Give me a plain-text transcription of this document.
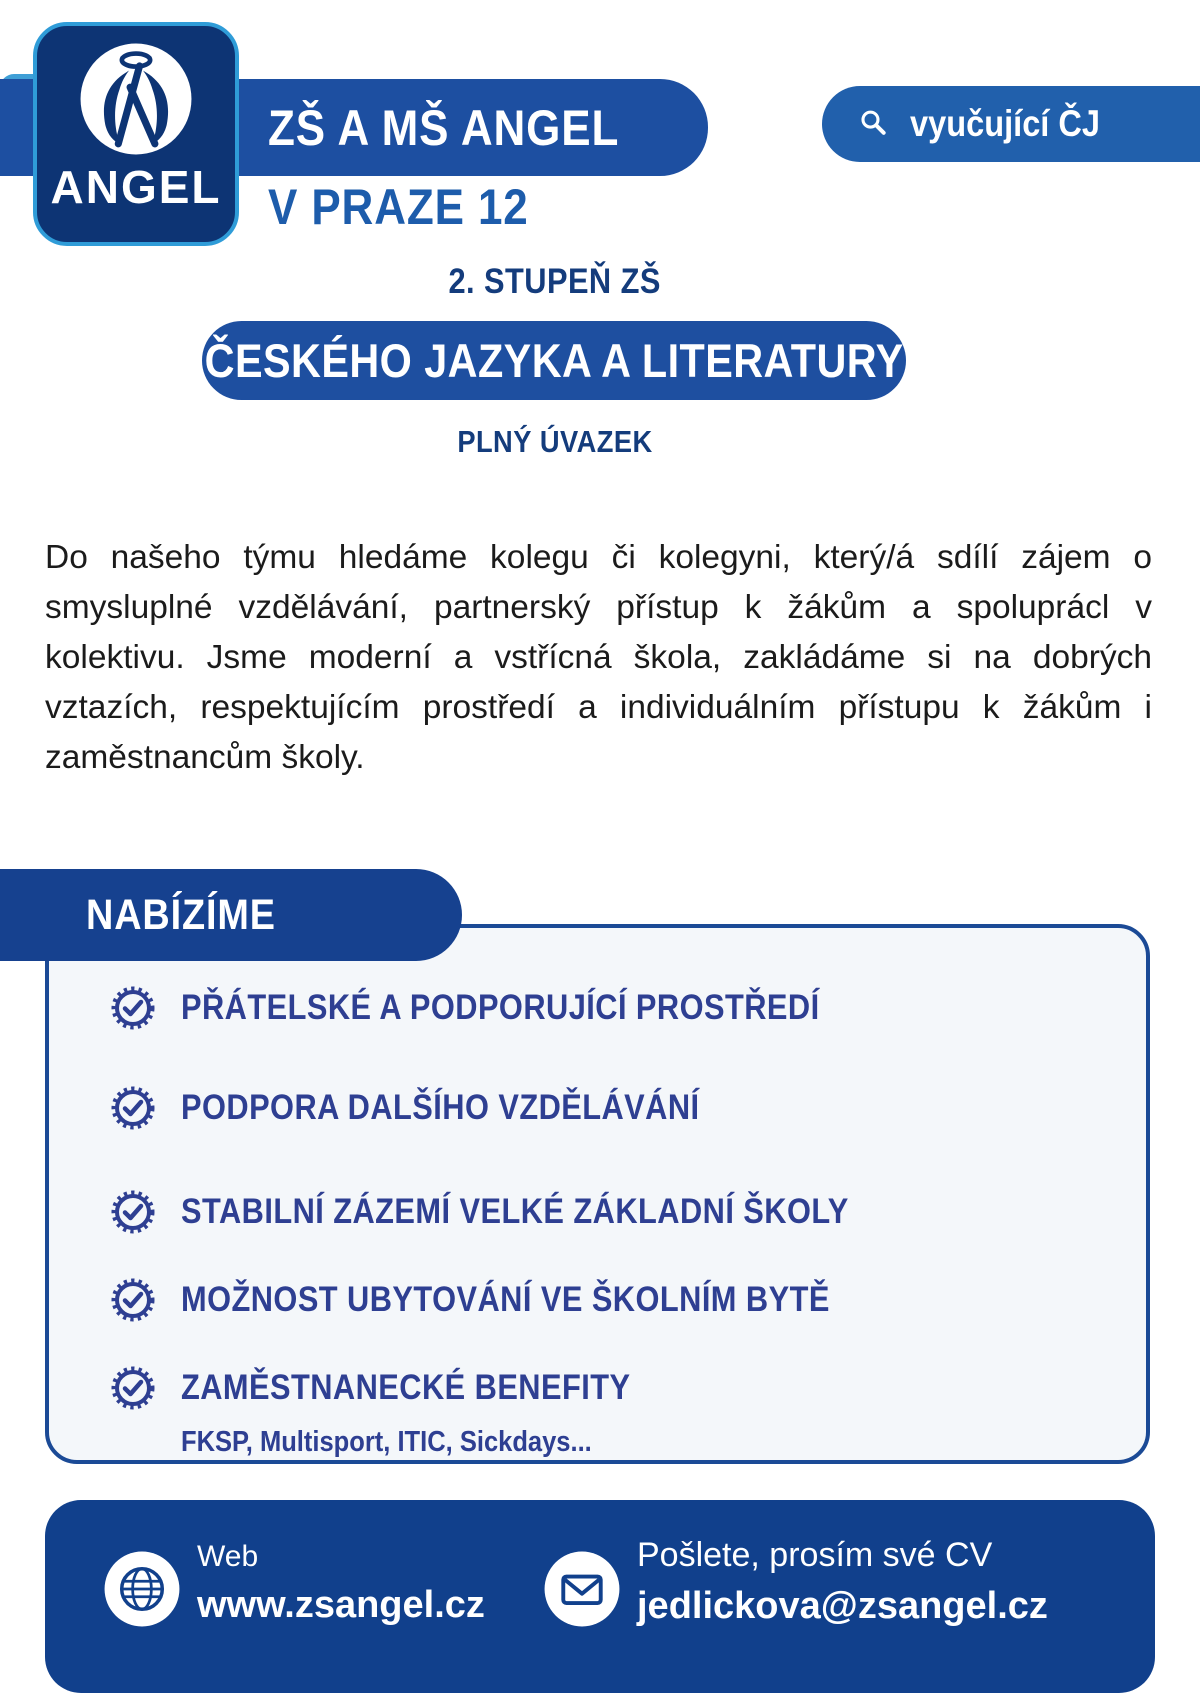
ZŠ A MŠ ANGEL
V PRAZE 12
ANGEL
vyučující ČJ
2. STUPEŇ ZŠ
ČESKÉHO JAZYKA A LITERATURY
PLNÝ ÚVAZEK
Do našeho týmu hledáme kolegu či kolegyni, který/á sdílí zájem o smysluplné vzdělávání, partnerský přístup k žákům a spoluprácl v kolektivu. Jsme moderní a vstřícná škola, zakládáme si na dobrých vztazích, respektujícím prostředí a individuálním přístupu k žákům i zaměstnancům školy.
NABÍZÍME
PŘÁTELSKÉ A PODPORUJÍCÍ PROSTŘEDÍ
PODPORA DALŠÍHO VZDĚLÁVÁNÍ
STABILNÍ ZÁZEMÍ VELKÉ ZÁKLADNÍ ŠKOLY
MOŽNOST UBYTOVÁNÍ VE ŠKOLNÍM BYTĚ
ZAMĚSTNANECKÉ BENEFITY
FKSP, Multisport, ITIC, Sickdays...
Web
www.zsangel.cz
Pošlete, prosím své CV
jedlickova@zsangel.cz
